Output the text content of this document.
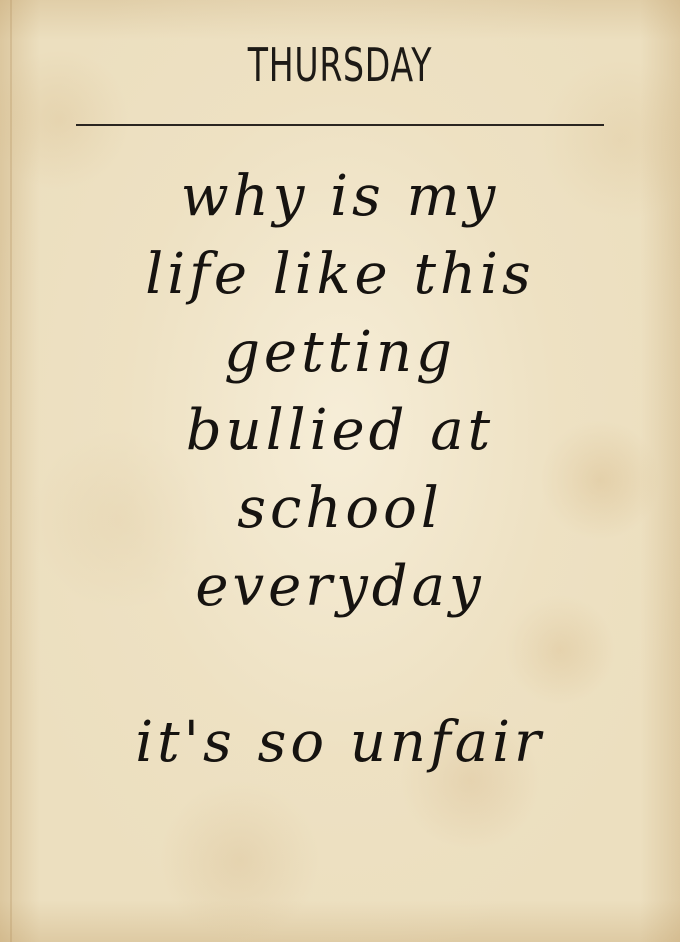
THURSDAY
why is my
life like this
getting
bullied at
school
everyday
it's so unfair
